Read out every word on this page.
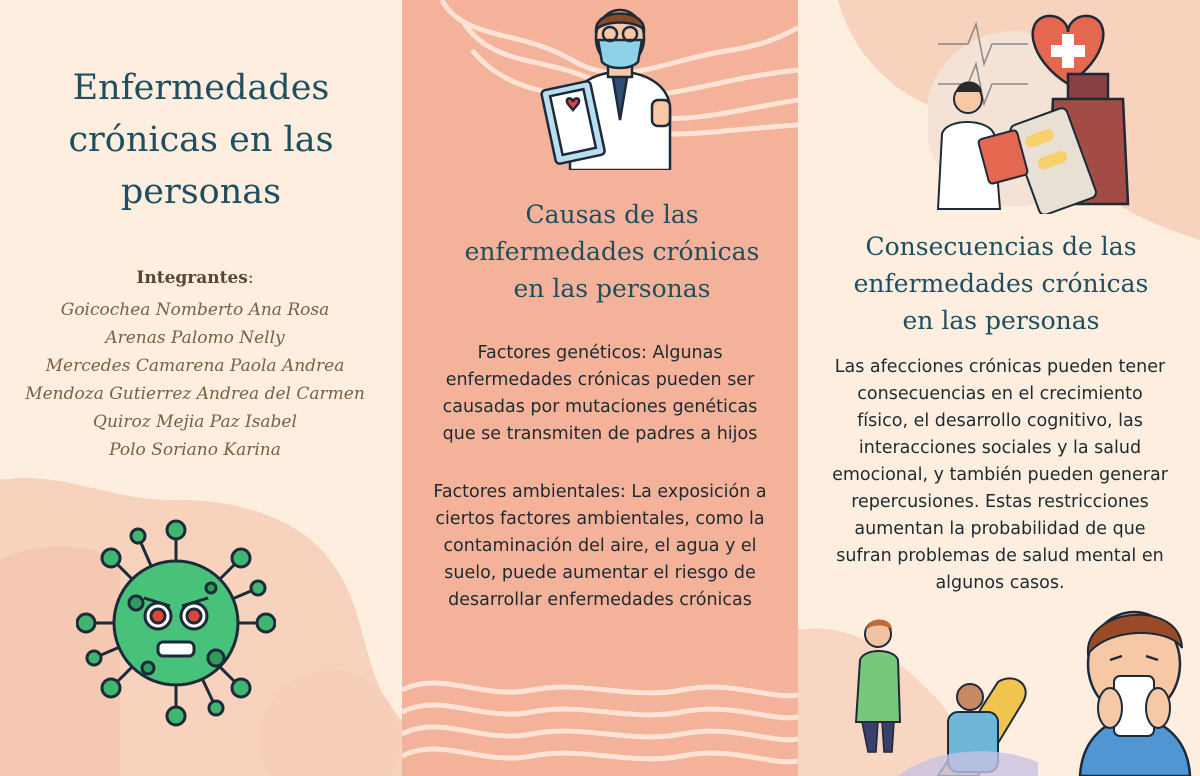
Enfermedades
crónicas en las
personas
Integrantes:
Goicochea Nomberto Ana Rosa
Arenas Palomo Nelly
Mercedes Camarena Paola Andrea
Mendoza Gutierrez Andrea del Carmen
Quiroz Mejia Paz Isabel
Polo Soriano Karina
Causas de las
enfermedades crónicas
en las personas

Factores genéticos: Algunas
enfermedades crónicas pueden ser
causadas por mutaciones genéticas
que se transmiten de padres a hijos

Factores ambientales: La exposición a
ciertos factores ambientales, como la
contaminación del aire, el agua y el
suelo, puede aumentar el riesgo de
desarrollar enfermedades crónicas

Consecuencias de las
enfermedades crónicas
en las personas

Las afecciones crónicas pueden tener
consecuencias en el crecimiento
físico, el desarrollo cognitivo, las
interacciones sociales y la salud
emocional, y también pueden generar
repercusiones. Estas restricciones
aumentan la probabilidad de que
sufran problemas de salud mental en
algunos casos.
